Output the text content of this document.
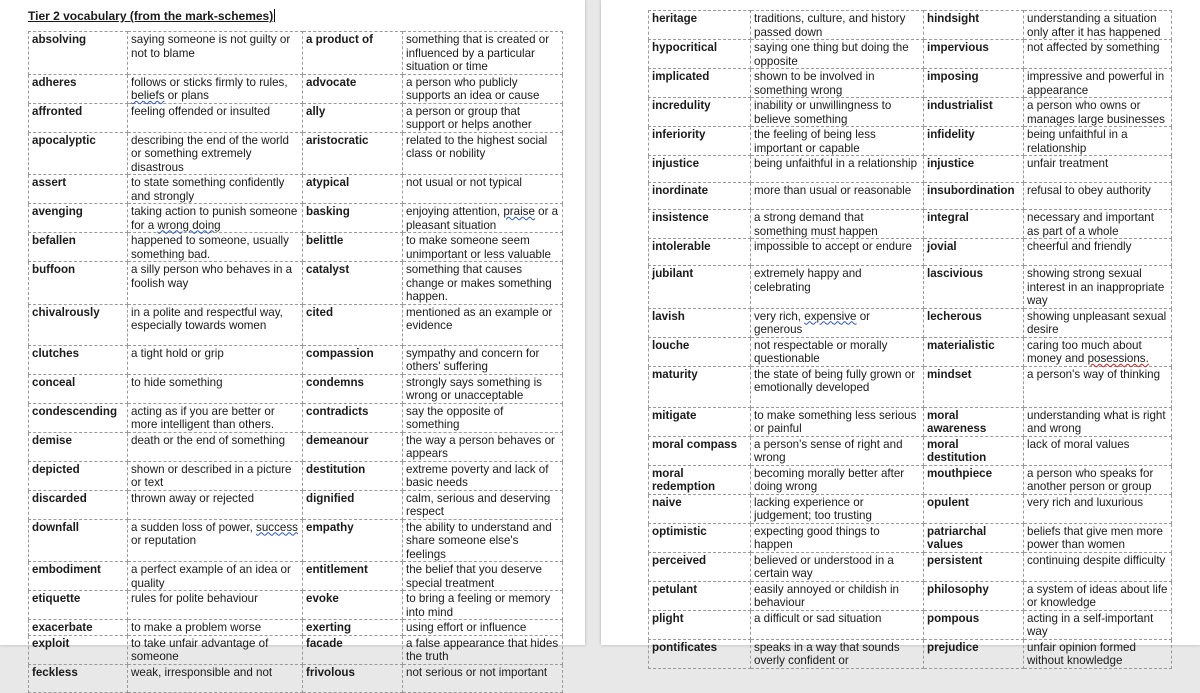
Tier 2 vocabulary (from the mark-schemes)
absolving	saying someone is not guilty or not to blame	a product of	something that is created or influenced by a particular situation or time
adheres	follows or sticks firmly to rules, beliefs or plans	advocate	a person who publicly supports an idea or cause
affronted	feeling offended or insulted	ally	a person or group that support or helps another
apocalyptic	describing the end of the world or something extremely disastrous	aristocratic	related to the highest social class or nobility
assert	to state something confidently and strongly	atypical	not usual or not typical
avenging	taking action to punish someone for a wrong doing	basking	enjoying attention, praise or a pleasant situation
befallen	happened to someone, usually something bad.	belittle	to make someone seem unimportant or less valuable
buffoon	a silly person who behaves in a foolish way	catalyst	something that causes change or makes something happen.
chivalrously	in a polite and respectful way, especially towards women	cited	mentioned as an example or evidence
clutches	a tight hold or grip	compassion	sympathy and concern for others' suffering
conceal	to hide something	condemns	strongly says something is wrong or unacceptable
condescending	acting as if you are better or more intelligent than others.	contradicts	say the opposite of something
demise	death or the end of something	demeanour	the way a person behaves or appears
depicted	shown or described in a picture or text	destitution	extreme poverty and lack of basic needs
discarded	thrown away or rejected	dignified	calm, serious and deserving respect
downfall	a sudden loss of power, success or reputation	empathy	the ability to understand and share someone else's feelings
embodiment	a perfect example of an idea or quality	entitlement	the belief that you deserve special treatment
etiquette	rules for polite behaviour	evoke	to bring a feeling or memory into mind
exacerbate	to make a problem worse	exerting	using effort or influence
exploit	to take unfair advantage of someone	facade	a false appearance that hides the truth
feckless	weak, irresponsible and not	frivolous	not serious or not important
heritage	traditions, culture, and history passed down	hindsight	understanding a situation only after it has happened
hypocritical	saying one thing but doing the opposite	impervious	not affected by something
implicated	shown to be involved in something wrong	imposing	impressive and powerful in appearance
incredulity	inability or unwillingness to believe something	industrialist	a person who owns or manages large businesses
inferiority	the feeling of being less important or capable	infidelity	being unfaithful in a relationship
injustice	being unfaithful in a relationship	injustice	unfair treatment
inordinate	more than usual or reasonable	insubordination	refusal to obey authority
insistence	a strong demand that something must happen	integral	necessary and important as part of a whole
intolerable	impossible to accept or endure	jovial	cheerful and friendly
jubilant	extremely happy and celebrating	lascivious	showing strong sexual interest in an inappropriate way
lavish	very rich, expensive or generous	lecherous	showing unpleasant sexual desire
louche	not respectable or morally questionable	materialistic	caring too much about money and posessions.
maturity	the state of being fully grown or emotionally developed	mindset	a person's way of thinking
mitigate	to make something less serious or painful	moral awareness	understanding what is right and wrong
moral compass	a person's sense of right and wrong	moral destitution	lack of moral values
moral redemption	becoming morally better after doing wrong	mouthpiece	a person who speaks for another person or group
naive	lacking experience or judgement; too trusting	opulent	very rich and luxurious
optimistic	expecting good things to happen	patriarchal values	beliefs that give men more power than women
perceived	believed or understood in a certain way	persistent	continuing despite difficulty
petulant	easily annoyed or childish in behaviour	philosophy	a system of ideas about life or knowledge
plight	a difficult or sad situation	pompous	acting in a self-important way
pontificates	speaks in a way that sounds overly confident or	prejudice	unfair opinion formed without knowledge
